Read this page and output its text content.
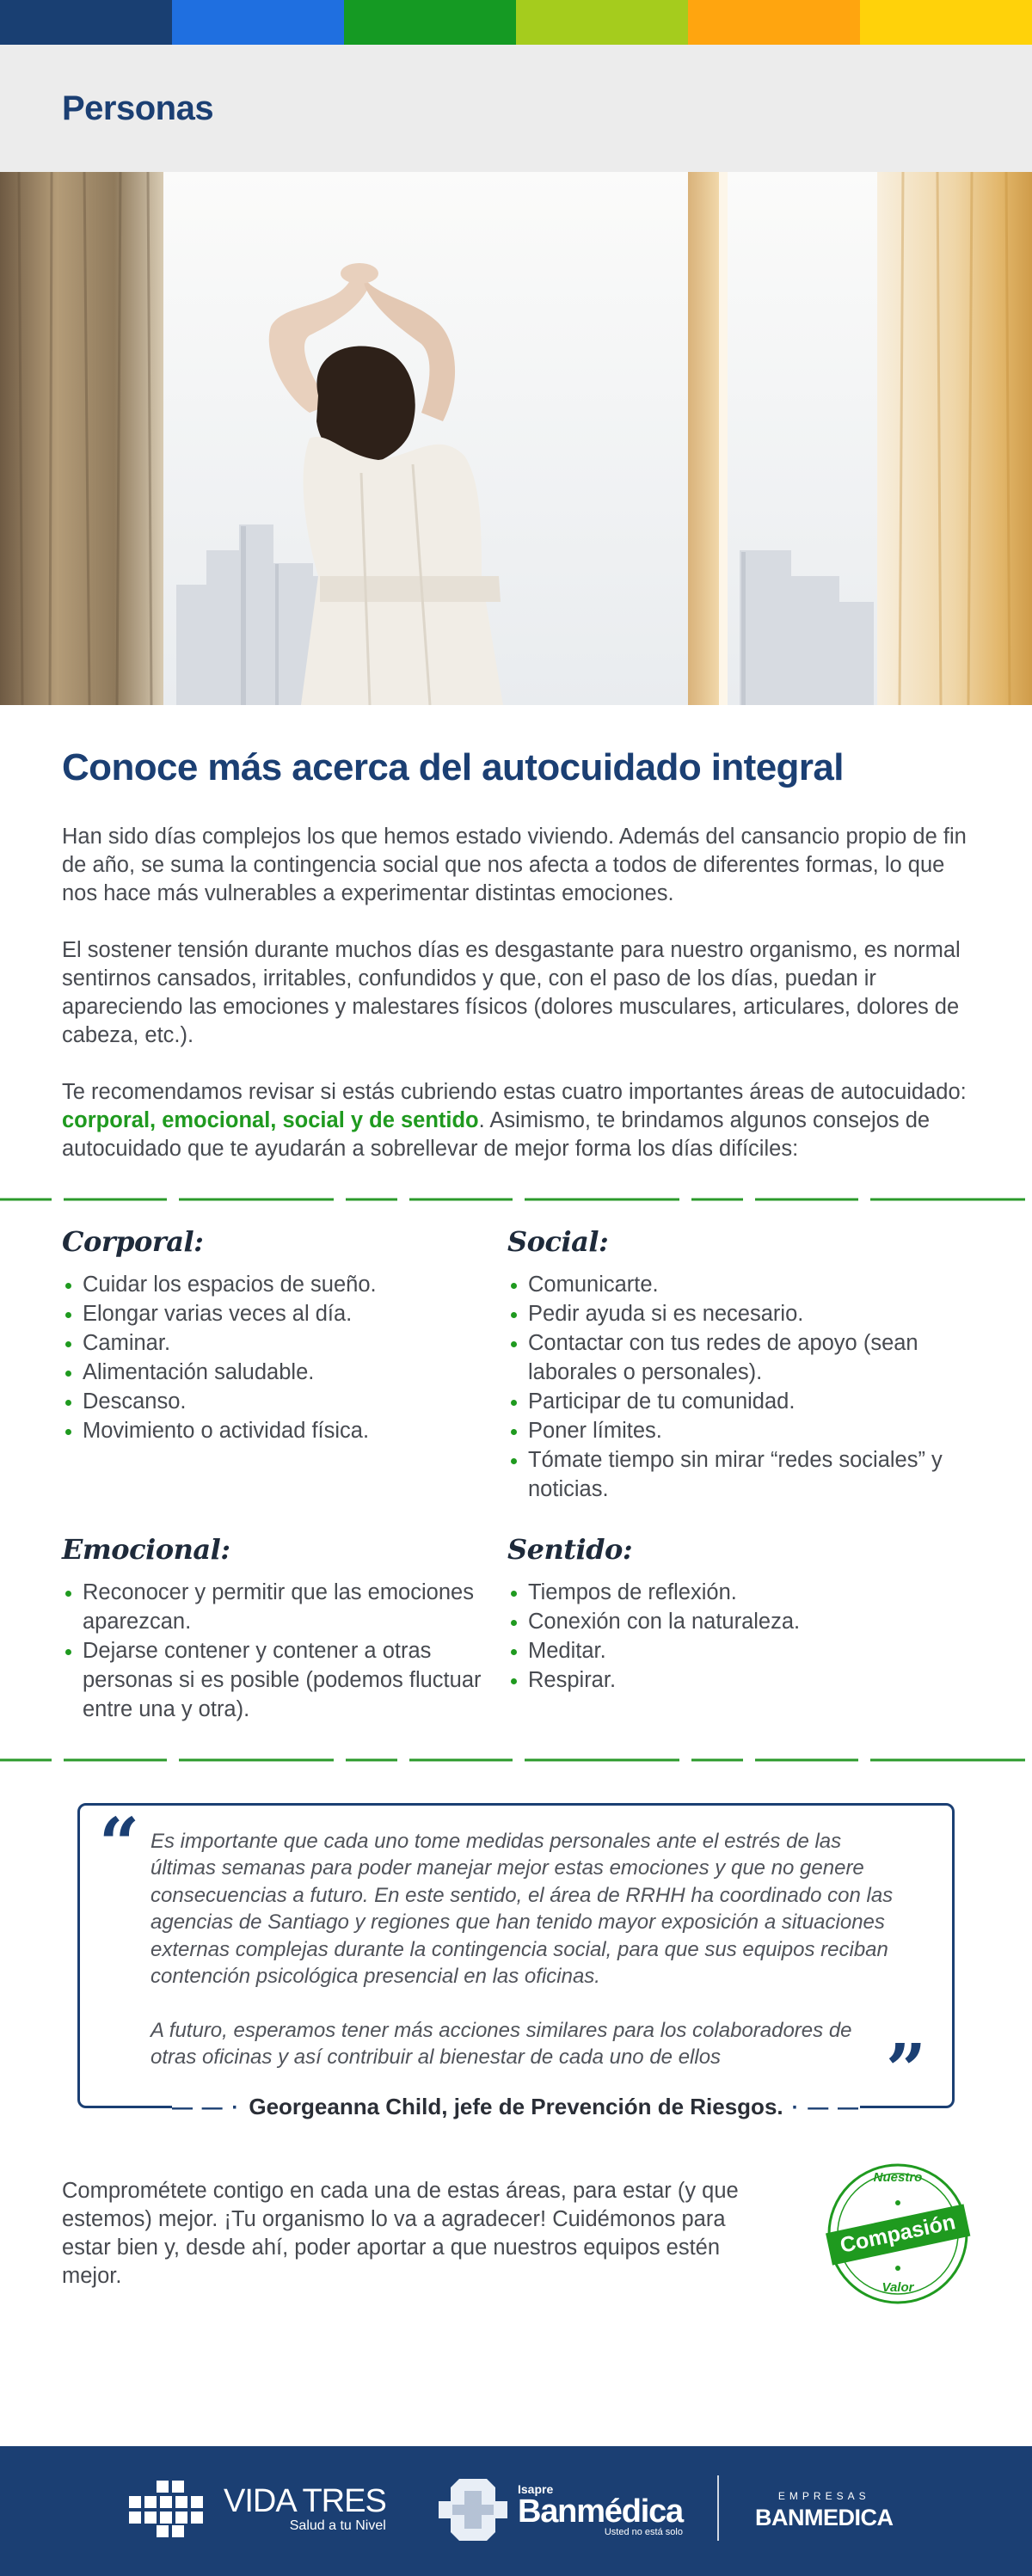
Personas
Conoce más acerca del autocuidado integral

Han sido días complejos los que hemos estado viviendo. Además del cansancio propio de fin de año, se suma la contingencia social que nos afecta a todos de diferentes formas, lo que nos hace más vulnerables a experimentar distintas emociones.

El sostener tensión durante muchos días es desgastante para nuestro organismo, es normal sentirnos cansados, irritables, confundidos y que, con el paso de los días, puedan ir apareciendo las emociones y malestares físicos (dolores musculares, articulares, dolores de cabeza, etc.).

Te recomendamos revisar si estás cubriendo estas cuatro importantes áreas de autocuidado: corporal, emocional, social y de sentido. Asimismo, te brindamos algunos consejos de autocuidado que te ayudarán a sobrellevar de mejor forma los días difíciles:

Corporal:
Cuidar los espacios de sueño.
Elongar varias veces al día.
Caminar.
Alimentación saludable.
Descanso.
Movimiento o actividad física.
Social:
Comunicarte.
Pedir ayuda si es necesario.
Contactar con tus redes de apoyo (sean laborales o personales).
Participar de tu comunidad.
Poner límites.
Tómate tiempo sin mirar “redes sociales” y noticias.
Emocional:
Reconocer y permitir que las emociones aparezcan.
Dejarse contener y contener a otras personas si es posible (podemos fluctuar entre una y otra).
Sentido:
Tiempos de reflexión.
Conexión con la naturaleza.
Meditar.
Respirar.
“ Es importante que cada uno tome medidas personales ante el estrés de las últimas semanas para poder manejar mejor estas emociones y que no genere consecuencias a futuro. En este sentido, el área de RRHH ha coordinado con las agencias de Santiago y regiones que han tenido mayor exposición a situaciones externas complejas durante la contingencia social, para que sus equipos reciban contención psicológica presencial en las oficinas.

A futuro, esperamos tener más acciones similares para los colaboradores de otras oficinas y así contribuir al bienestar de cada uno de ellos	”
— — · Georgeanna Child, jefe de Prevención de Riesgos. · — —

Comprométete contigo en cada una de estas áreas, para estar (y que estemos) mejor. ¡Tu organismo lo va a agradecer! Cuidémonos para estar bien y, desde ahí, poder aportar a que nuestros equipos estén mejor.

Nuestro
Compasión
Valor
VIDA TRES
Salud a tu Nivel
Isapre
Banmédica
Usted no está solo
EMPRESAS
BANMEDICA
